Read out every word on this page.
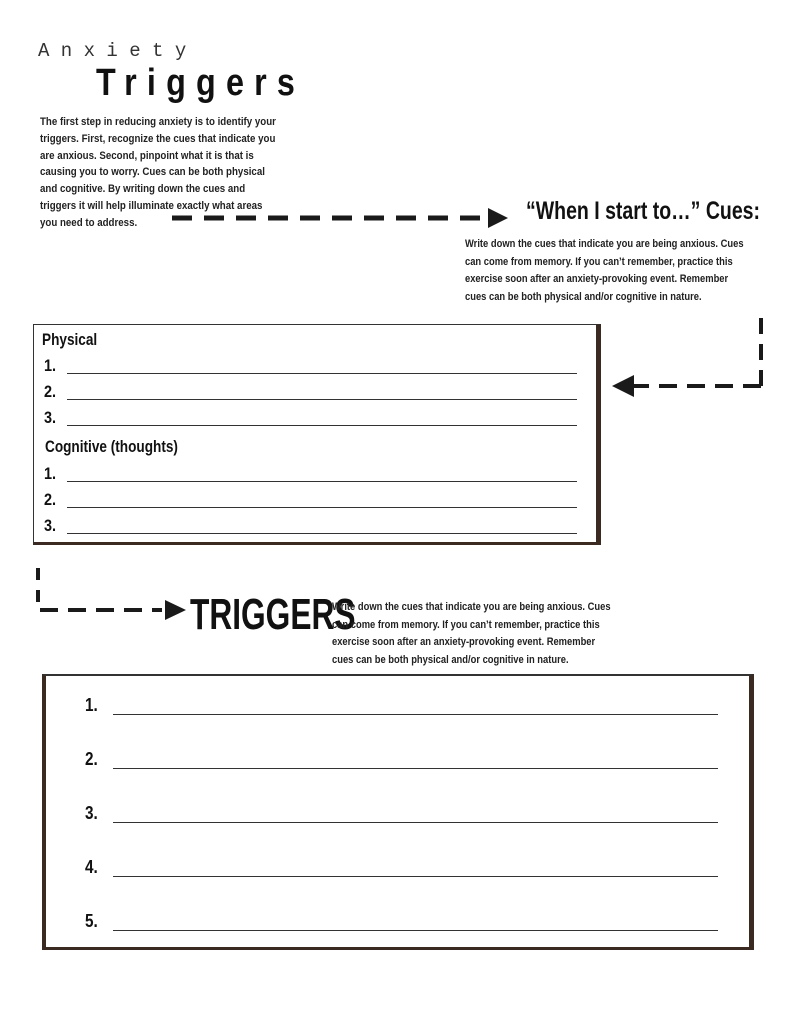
A n x i e t y
Triggers
The first step in reducing anxiety is to identify your triggers. First, recognize the cues that indicate you are anxious. Second, pinpoint what it is that is causing you to worry. Cues can be both physical and cognitive. By writing down the cues and triggers it will help illuminate exactly what areas you need to address.	“When I start to…” Cues:
Write down the cues that indicate you are being anxious. Cues can come from memory. If you can’t remember, practice this exercise soon after an anxiety-provoking event. Remember cues can be both physical and/or cognitive in nature.
Physical
1.
2.
3.
Cognitive (thoughts)
1.
2.
3.
TRIGGERS
Write down the cues that indicate you are being anxious. Cues can come from memory. If you can’t remember, practice this exercise soon after an anxiety-provoking event. Remember cues can be both physical and/or cognitive in nature.
1.
2.
3.
4.
5.
